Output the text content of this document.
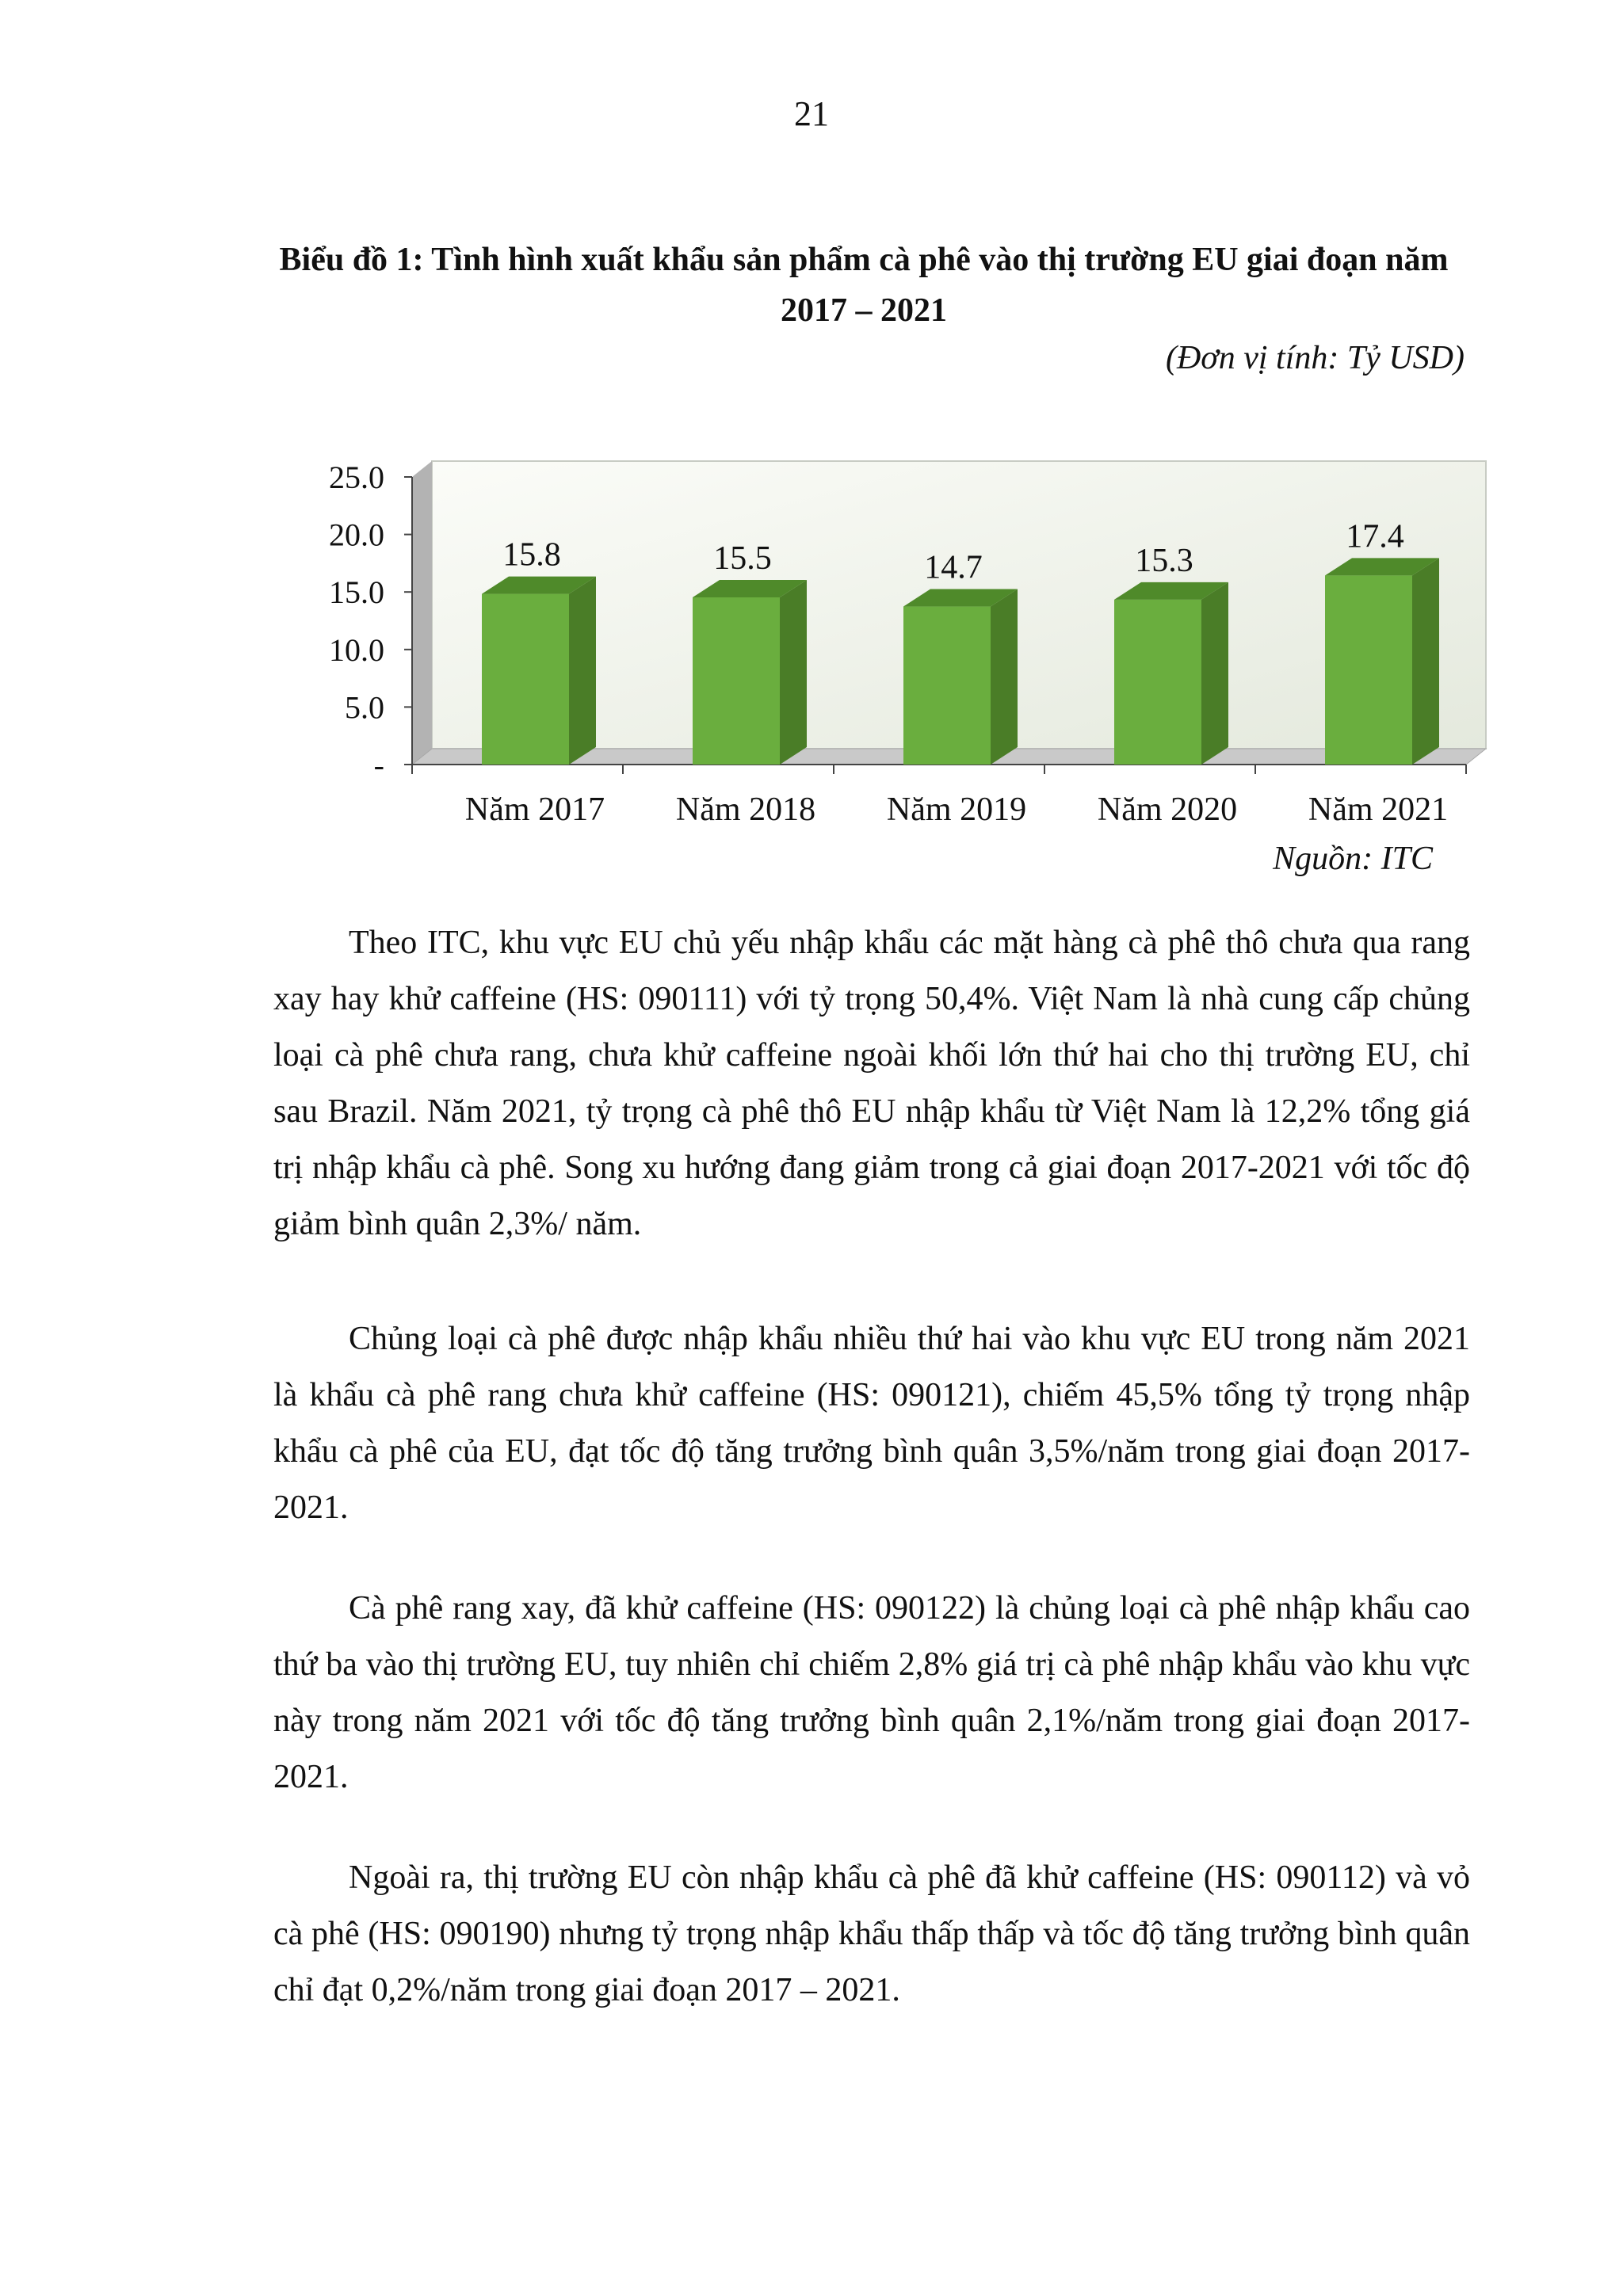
21
Biểu đồ 1: Tình hình xuất khẩu sản phẩm cà phê vào thị trường EU giai đoạn năm 2017 – 2021
(Đơn vị tính: Tỷ USD)
-
5.0
10.0
15.0
20.0
25.0
15.8	15.5	14.7	15.3
17.4
Năm 2017 Năm 2018 Năm 2019 Năm 2020 Năm 2021
Nguồn: ITC

Theo ITC, khu vực EU chủ yếu nhập khẩu các mặt hàng cà phê thô chưa qua rang xay hay khử caffeine (HS: 090111) với tỷ trọng 50,4%. Việt Nam là nhà cung cấp chủng loại cà phê chưa rang, chưa khử caffeine ngoài khối lớn thứ hai cho thị trường EU, chỉ sau Brazil. Năm 2021, tỷ trọng cà phê thô EU nhập khẩu từ Việt Nam là 12,2% tổng giá trị nhập khẩu cà phê. Song xu hướng đang giảm trong cả giai đoạn 2017-2021 với tốc độ giảm bình quân 2,3%/ năm.

Chủng loại cà phê được nhập khẩu nhiều thứ hai vào khu vực EU trong năm 2021 là khẩu cà phê rang chưa khử caffeine (HS: 090121), chiếm 45,5% tổng tỷ trọng nhập khẩu cà phê của EU, đạt tốc độ tăng trưởng bình quân 3,5%/năm trong giai đoạn 2017-2021.

Cà phê rang xay, đã khử caffeine (HS: 090122) là chủng loại cà phê nhập khẩu cao thứ ba vào thị trường EU, tuy nhiên chỉ chiếm 2,8% giá trị cà phê nhập khẩu vào khu vực này trong năm 2021 với tốc độ tăng trưởng bình quân 2,1%/năm trong giai đoạn 2017-2021.

Ngoài ra, thị trường EU còn nhập khẩu cà phê đã khử caffeine (HS: 090112) và vỏ cà phê (HS: 090190) nhưng tỷ trọng nhập khẩu thấp thấp và tốc độ tăng trưởng bình quân chỉ đạt 0,2%/năm trong giai đoạn 2017 – 2021.
